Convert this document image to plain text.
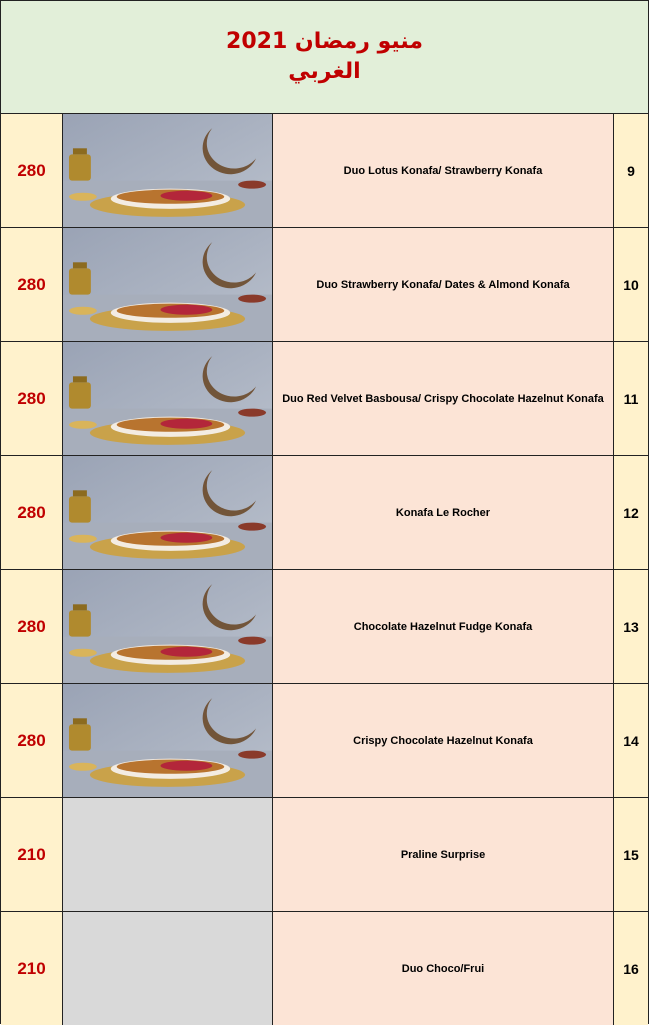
منيو رمضان 2021
الغربي
280	Duo Lotus Konafa/ Strawberry Konafa	9
280	Duo Strawberry Konafa/ Dates & Almond Konafa	10
280	Duo Red Velvet Basbousa/ Crispy Chocolate Hazelnut Konafa	11
280	Konafa Le Rocher	12
280	Chocolate Hazelnut Fudge Konafa	13
280	Crispy Chocolate Hazelnut Konafa	14
210	Praline Surprise	15
210	Duo Choco/Frui	16
